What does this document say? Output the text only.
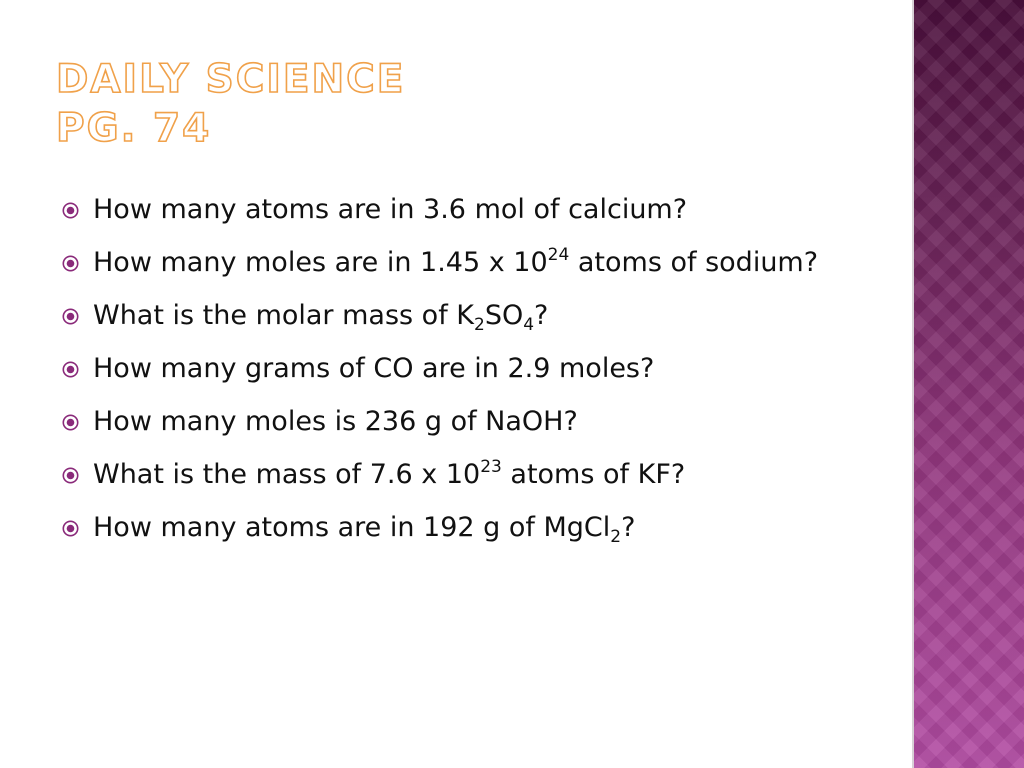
DAILY SCIENCE
PG. 74
How many atoms are in 3.6 mol of calcium?
How many moles are in 1.45 x $10^{24}$ atoms of sodium?
What is the molar mass of $K_2SO_4$?
How many grams of CO are in 2.9 moles?
How many moles is 236 g of NaOH?
What is the mass of 7.6 x $10^{23}$ atoms of KF?
How many atoms are in 192 g of MgCl$_2$?
